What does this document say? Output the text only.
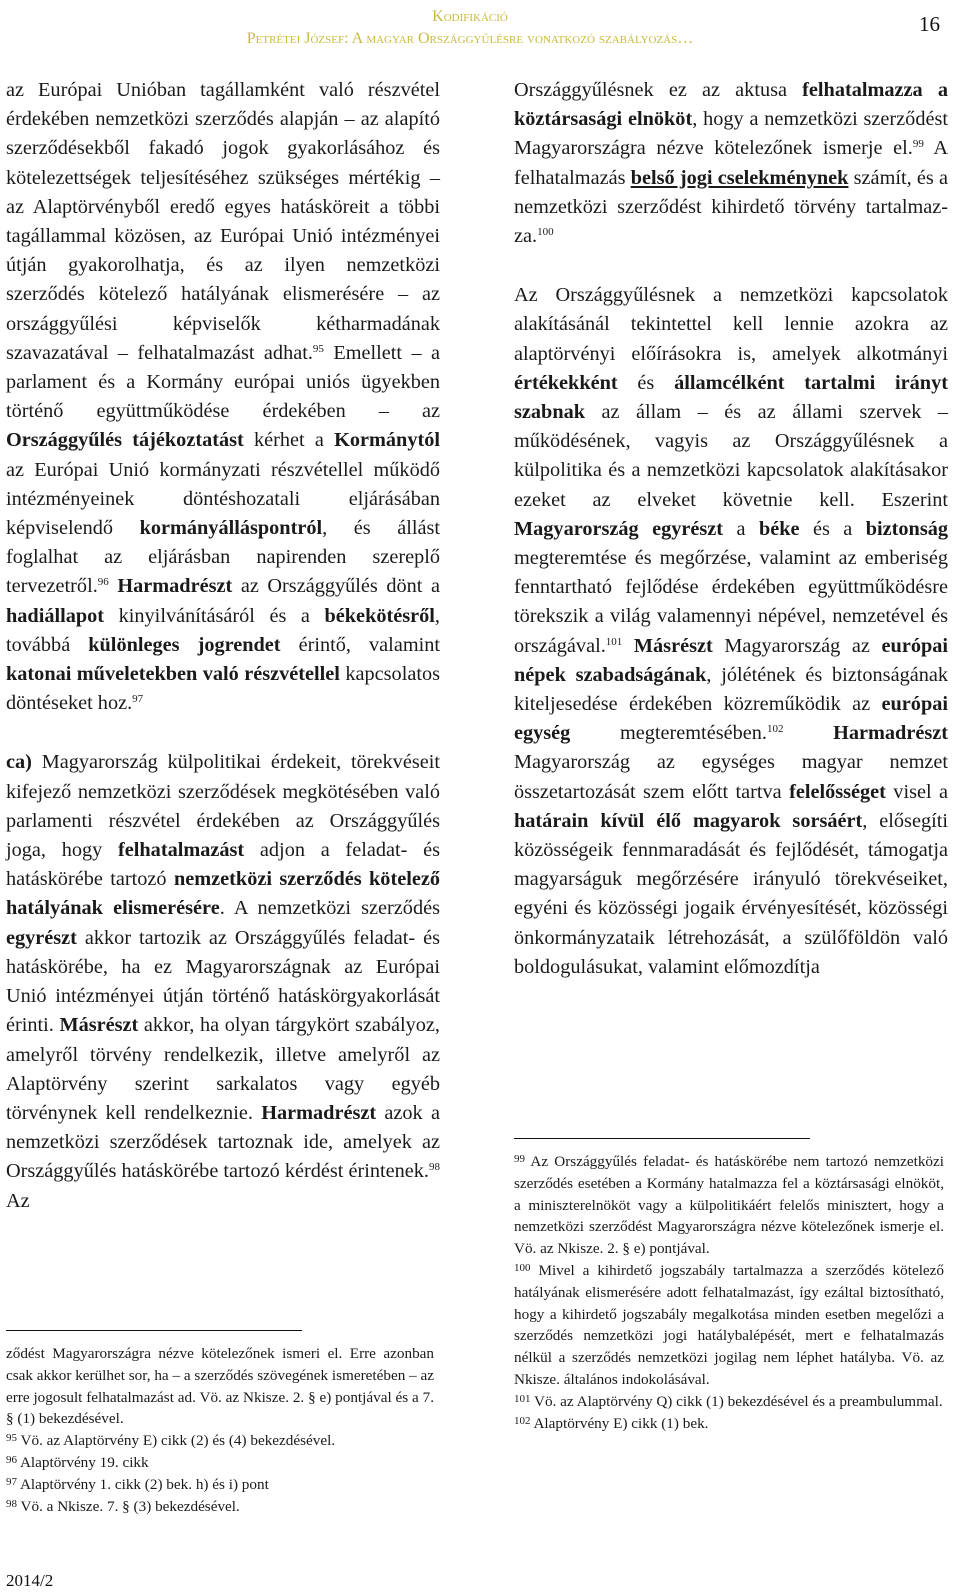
Kodifikáció
Petrétei József: A magyar Országgyűlésre vonatkozó szabályozás…
16

az Európai Unióban tagállamként való részvétel érdekében nemzetközi szerződés alapján – az alapító szerződésekből fakadó jogok gyakorlásához és kötelezettségek teljesítéséhez szükséges mértékig – az Alaptörvényből eredő egyes hatásköreit a többi tagállammal közösen, az Európai Unió intézményei útján gyakorolhatja, és az ilyen nemzetközi szerződés kötelező hatályának elismerésére – az országgyűlési képviselők kétharmadának szavazatával – felhatalmazást adhat.$^{95}$ Emellett – a parlament és a Kormány európai uniós ügyekben történő együttműködése érdekében – az Országgyűlés tájékoztatást kérhet a Kormánytól az Európai Unió kormányzati részvétellel működő intézményeinek döntéshozatali eljárásában képviselendő kormányálláspontról, és állást foglalhat az eljárásban napirenden szereplő tervezetről.$^{96}$ Harmadrészt az Országgyűlés dönt a hadiállapot kinyilvánításáról és a békekötésről, továbbá különleges jogrendet érintő, valamint katonai műveletekben való részvétellel kapcsolatos döntéseket hoz.$^{97}$

ca) Magyarország külpolitikai érdekeit, törekvéseit kifejező nemzetközi szerződések megkötésében való parlamenti részvétel érdekében az Országgyűlés joga, hogy felhatalmazást adjon a feladat- és hatáskörébe tartozó nemzetközi szerződés kötelező hatályának elismerésére. A nemzetközi szerződés egyrészt akkor tartozik az Országgyűlés feladat- és hatáskörébe, ha ez Magyarországnak az Európai Unió intézményei útján történő hatáskörgyakorlását érinti. Másrészt akkor, ha olyan tárgykört szabályoz, amelyről törvény rendelkezik, illetve amelyről az Alaptörvény szerint sarkalatos vagy egyéb törvénynek kell rendelkeznie. Harmadrészt azok a nemzetközi szerződések tartoznak ide, amelyek az Országgyűlés hatáskörébe tartozó kérdést érintenek.$^{98}$ Az

Országgyűlésnek ez az aktusa felhatalmazza a köztársasági elnököt, hogy a nemzetközi szerződést Magyarországra nézve kötelezőnek ismerje el.$^{99}$ A felhatalmazás belső jogi cselekménynek számít, és a nemzetközi szerződést kihirdető törvény tartalmaz-za.$^{100}$

Az Országgyűlésnek a nemzetközi kapcsolatok alakításánál tekintettel kell lennie azokra az alaptörvényi előírásokra is, amelyek alkotmányi értékekként és államcélként tartalmi irányt szabnak az állam – és az állami szervek – működésének, vagyis az Országgyűlésnek a külpolitika és a nemzetközi kapcsolatok alakításakor ezeket az elveket követnie kell. Eszerint Magyarország egyrészt a béke és a biztonság megteremtése és megőrzése, valamint az emberiség fenntartható fejlődése érdekében együttműködésre törekszik a világ valamennyi népével, nemzetével és országával.$^{101}$ Másrészt Magyarország az európai népek szabadságának, jólétének és biztonságának kiteljesedése érdekében közreműködik az európai egység megteremtésében.$^{102}$ Harmadrészt Magyarország az egységes magyar nemzet összetartozását szem előtt tartva felelősséget visel a határain kívül élő magyarok sorsáért, elősegíti közösségeik fennmaradását és fejlődését, támogatja magyarságuk megőrzésére irányuló törekvéseiket, egyéni és közösségi jogaik érvényesítését, közösségi önkormányzataik létrehozását, a szülőföldön való boldogulásukat, valamint előmozdítja

ződést Magyarországra nézve kötelezőnek ismeri el. Erre azonban csak akkor kerülhet sor, ha – a szerződés szövegének ismeretében – az erre jogosult felhatalmazást ad. Vö. az Nkisze. 2. § e) pontjával és a 7. § (1) bekezdésével.

$^{95}$ Vö. az Alaptörvény E) cikk (2) és (4) bekezdésével.

$^{96}$ Alaptörvény 19. cikk

$^{97}$ Alaptörvény 1. cikk (2) bek. h) és i) pont

$^{98}$ Vö. a Nkisze. 7. § (3) bekezdésével.

$^{99}$ Az Országgyűlés feladat- és hatáskörébe nem tartozó nemzetközi szerződés esetében a Kormány hatalmazza fel a köztársasági elnököt, a miniszterelnököt vagy a külpolitikáért felelős minisztert, hogy a nemzetközi szerződést Magyarországra nézve kötelezőnek ismerje el. Vö. az Nkisze. 2. § e) pontjával.

$^{100}$ Mivel a kihirdető jogszabály tartalmazza a szerződés kötelező hatályának elismerésére adott felhatalmazást, így ezáltal biztosítható, hogy a kihirdető jogszabály megalkotása minden esetben megelőzi a szerződés nemzetközi jogi hatálybalépését, mert e felhatalmazás nélkül a szerződés nemzetközi jogilag nem léphet hatályba. Vö. az Nkisze. általános indokolásával.

$^{101}$ Vö. az Alaptörvény Q) cikk (1) bekezdésével és a preambulummal.

$^{102}$ Alaptörvény E) cikk (1) bek.

2014/2
